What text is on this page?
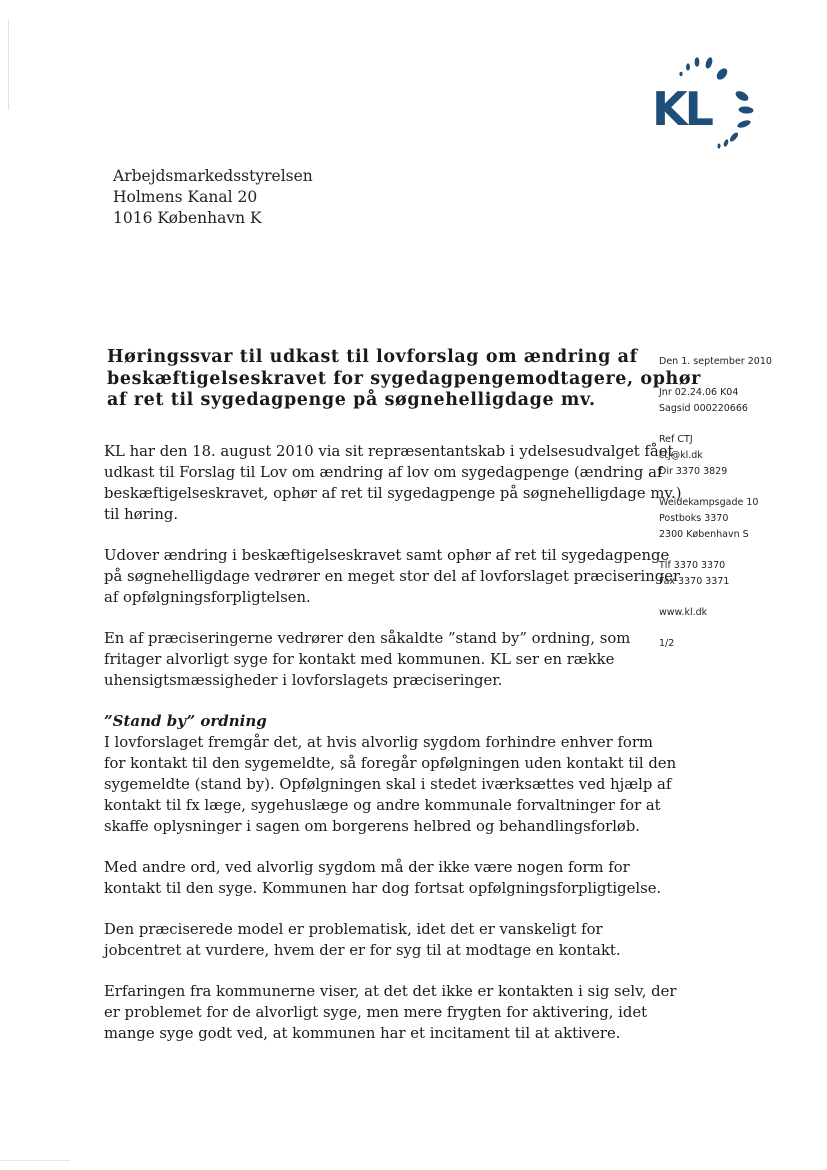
KL
Arbejdsmarkedsstyrelsen
Holmens Kanal 20
1016 København K
Høringssvar til udkast til lovforslag om ændring af
beskæftigelseskravet for sygedagpengemodtagere, ophør
af ret til sygedagpenge på søgnehelligdage mv.
Den 1. september 2010
Jnr 02.24.06 K04
Sagsid 000220666
Ref CTJ
ctj@kl.dk
Dir 3370 3829
Weidekampsgade 10
Postboks 3370
2300 København S
Tlf 3370 3370
Fax 3370 3371
www.kl.dk
1/2

KL har den 18. august 2010 via sit repræsentantskab i ydelsesudvalget fået
udkast til Forslag til Lov om ændring af lov om sygedagpenge (ændring af
beskæftigelseskravet, ophør af ret til sygedagpenge på søgnehelligdage mv.)
til høring.

Udover ændring i beskæftigelseskravet samt ophør af ret til sygedagpenge
på søgnehelligdage vedrører en meget stor del af lovforslaget præciseringer
af opfølgningsforpligtelsen.

En af præciseringerne vedrører den såkaldte ”stand by” ordning, som
fritager alvorligt syge for kontakt med kommunen. KL ser en række
uhensigtsmæssigheder i lovforslagets præciseringer.

”Stand by” ordning

I lovforslaget fremgår det, at hvis alvorlig sygdom forhindre enhver form
for kontakt til den sygemeldte, så foregår opfølgningen uden kontakt til den
sygemeldte (stand by). Opfølgningen skal i stedet iværksættes ved hjælp af
kontakt til fx læge, sygehuslæge og andre kommunale forvaltninger for at
skaffe oplysninger i sagen om borgerens helbred og behandlingsforløb.

Med andre ord, ved alvorlig sygdom må der ikke være nogen form for
kontakt til den syge. Kommunen har dog fortsat opfølgningsforpligtigelse.

Den præciserede model er problematisk, idet det er vanskeligt for
jobcentret at vurdere, hvem der er for syg til at modtage en kontakt.

Erfaringen fra kommunerne viser, at det det ikke er kontakten i sig selv, der
er problemet for de alvorligt syge, men mere frygten for aktivering, idet
mange syge godt ved, at kommunen har et incitament til at aktivere.
